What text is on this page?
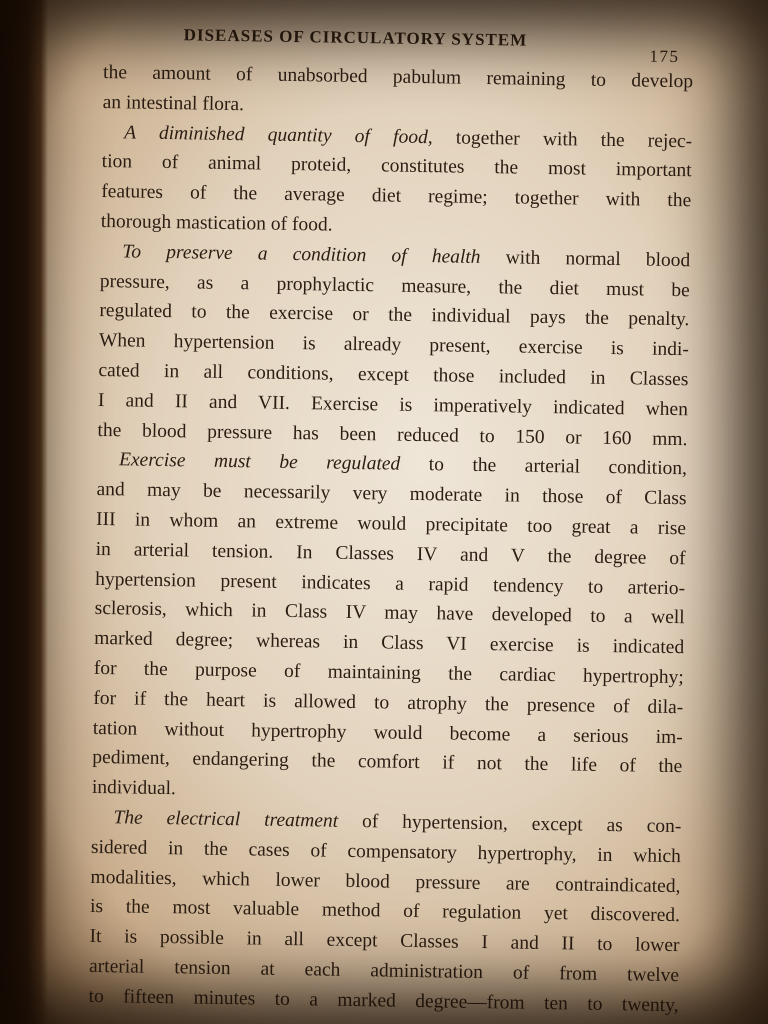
DISEASES OF CIRCULATORY SYSTEM
175
the amount of unabsorbed pabulum remaining to develop
an intestinal flora.
A diminished quantity of food, together with the rejec-
tion of animal proteid, constitutes the most important
features of the average diet regime; together with the
thorough mastication of food.
To preserve a condition of health with normal blood
pressure, as a prophylactic measure, the diet must be
regulated to the exercise or the individual pays the penalty.
When hypertension is already present, exercise is indi-
cated in all conditions, except those included in Classes
I and II and VII. Exercise is imperatively indicated when
the blood pressure has been reduced to 150 or 160 mm.
Exercise must be regulated to the arterial condition,
and may be necessarily very moderate in those of Class
III in whom an extreme would precipitate too great a rise
in arterial tension. In Classes IV and V the degree of
hypertension present indicates a rapid tendency to arterio-
sclerosis, which in Class IV may have developed to a well
marked degree; whereas in Class VI exercise is indicated
for the purpose of maintaining the cardiac hypertrophy;
for if the heart is allowed to atrophy the presence of dila-
tation without hypertrophy would become a serious im-
pediment, endangering the comfort if not the life of the
individual.
The electrical treatment of hypertension, except as con-
sidered in the cases of compensatory hypertrophy, in which
modalities, which lower blood pressure are contraindicated,
is the most valuable method of regulation yet discovered.
It is possible in all except Classes I and II to lower
arterial tension at each administration of from twelve
to fifteen minutes to a marked degree—from ten to twenty,
